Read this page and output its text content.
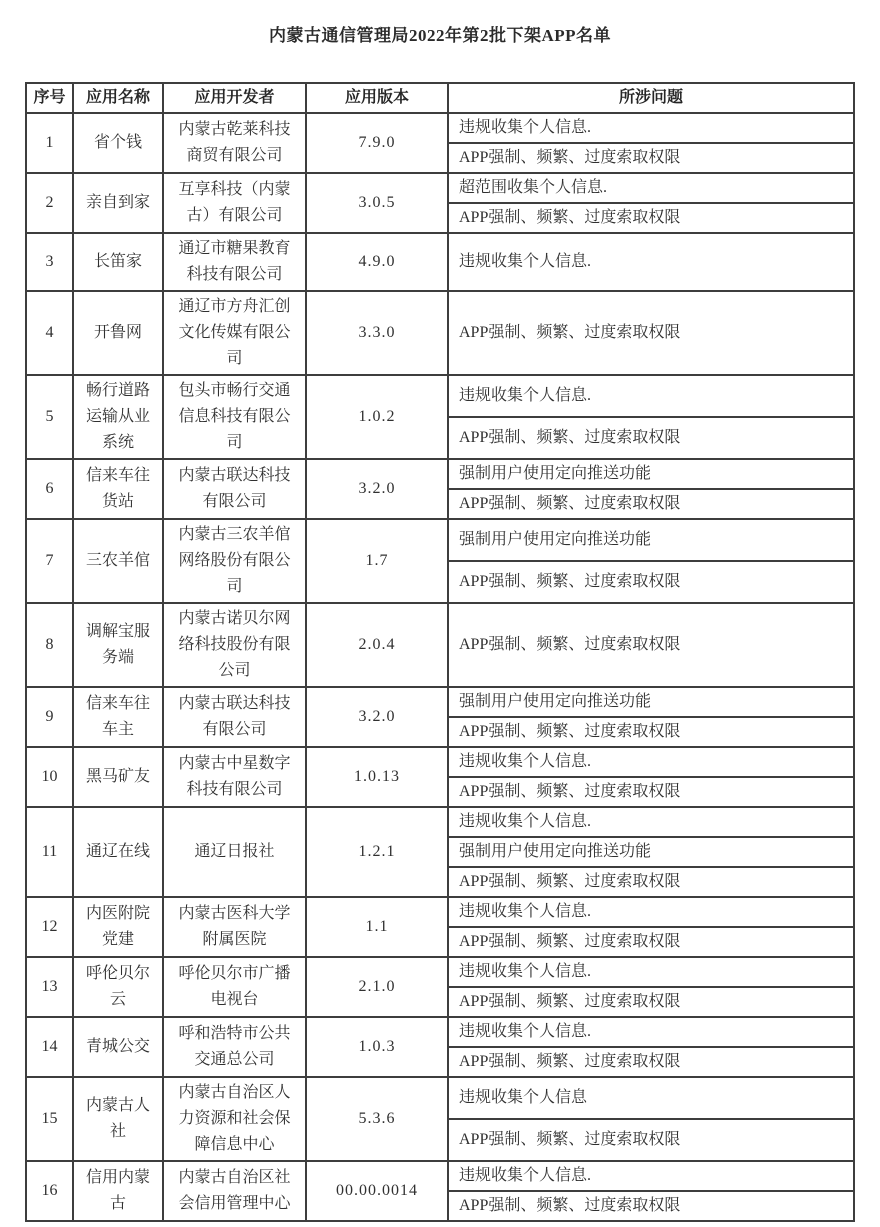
内蒙古通信管理局2022年第2批下架APP名单
序号	应用名称	应用开发者	应用版本	所涉问题
1	省个钱	内蒙古乾莱科技商贸有限公司	7.9.0	违规收集个人信息.
				APP强制、频繁、过度索取权限
2	亲自到家	互享科技（内蒙古）有限公司	3.0.5	超范围收集个人信息.
				APP强制、频繁、过度索取权限
3	长笛家	通辽市糖果教育科技有限公司	4.9.0	违规收集个人信息.
4	开鲁网	通辽市方舟汇创文化传媒有限公司	3.3.0	APP强制、频繁、过度索取权限
5	畅行道路运输从业系统	包头市畅行交通信息科技有限公司	1.0.2	违规收集个人信息.
				APP强制、频繁、过度索取权限
6	信来车往货站	内蒙古联达科技有限公司	3.2.0	强制用户使用定向推送功能
				APP强制、频繁、过度索取权限
7	三农羊倌	内蒙古三农羊倌网络股份有限公司	1.7	强制用户使用定向推送功能
				APP强制、频繁、过度索取权限
8	调解宝服务端	内蒙古诺贝尔网络科技股份有限公司	2.0.4	APP强制、频繁、过度索取权限
9	信来车往车主	内蒙古联达科技有限公司	3.2.0	强制用户使用定向推送功能
				APP强制、频繁、过度索取权限
10	黑马矿友	内蒙古中星数字科技有限公司	1.0.13	违规收集个人信息.
				APP强制、频繁、过度索取权限
11	通辽在线	通辽日报社	1.2.1	违规收集个人信息.
				强制用户使用定向推送功能
				APP强制、频繁、过度索取权限
12	内医附院党建	内蒙古医科大学附属医院	1.1	违规收集个人信息.
				APP强制、频繁、过度索取权限
13	呼伦贝尔云	呼伦贝尔市广播电视台	2.1.0	违规收集个人信息.
				APP强制、频繁、过度索取权限
14	青城公交	呼和浩特市公共交通总公司	1.0.3	违规收集个人信息.
				APP强制、频繁、过度索取权限
15	内蒙古人社	内蒙古自治区人力资源和社会保障信息中心	5.3.6	违规收集个人信息
				APP强制、频繁、过度索取权限
16	信用内蒙古	内蒙古自治区社会信用管理中心	00.00.0014	违规收集个人信息.
				APP强制、频繁、过度索取权限
